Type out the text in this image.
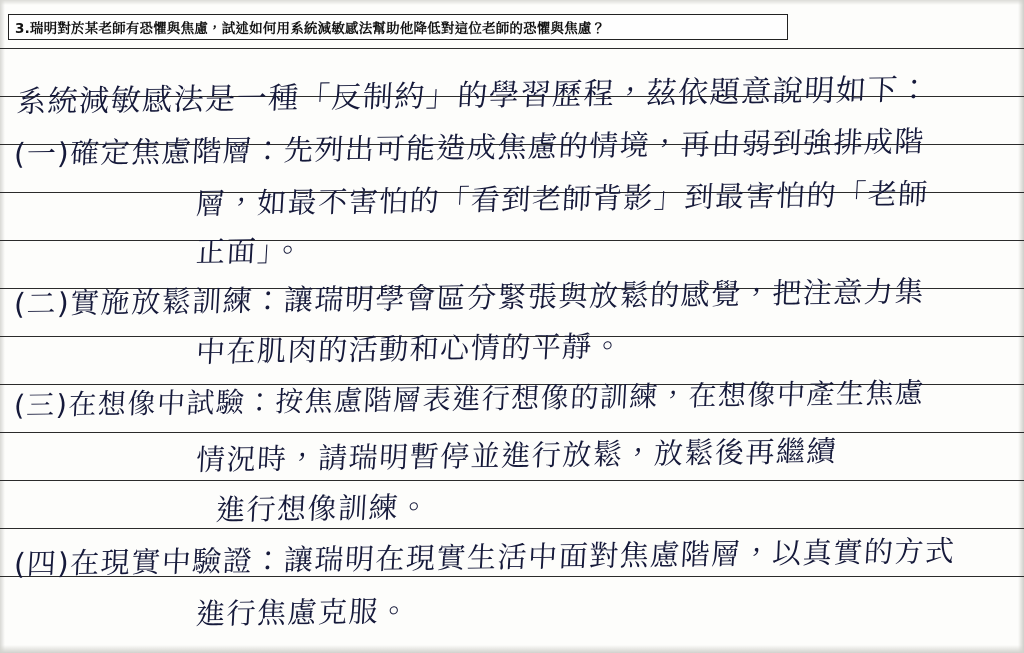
3.瑞明對於某老師有恐懼與焦慮，試述如何用系統減敏感法幫助他降低對這位老師的恐懼與焦慮？
系統減敏感法是一種「反制約」的學習歷程，茲依題意說明如下：
(一)確定焦慮階層：先列出可能造成焦慮的情境，再由弱到強排成階
層，如最不害怕的「看到老師背影」到最害怕的「老師
正面」。
(二)實施放鬆訓練：讓瑞明學會區分緊張與放鬆的感覺，把注意力集
中在肌肉的活動和心情的平靜。
(三)在想像中試驗：按焦慮階層表進行想像的訓練，在想像中產生焦慮
情況時，請瑞明暫停並進行放鬆，放鬆後再繼續
進行想像訓練。
(四)在現實中驗證：讓瑞明在現實生活中面對焦慮階層，以真實的方式
進行焦慮克服。
